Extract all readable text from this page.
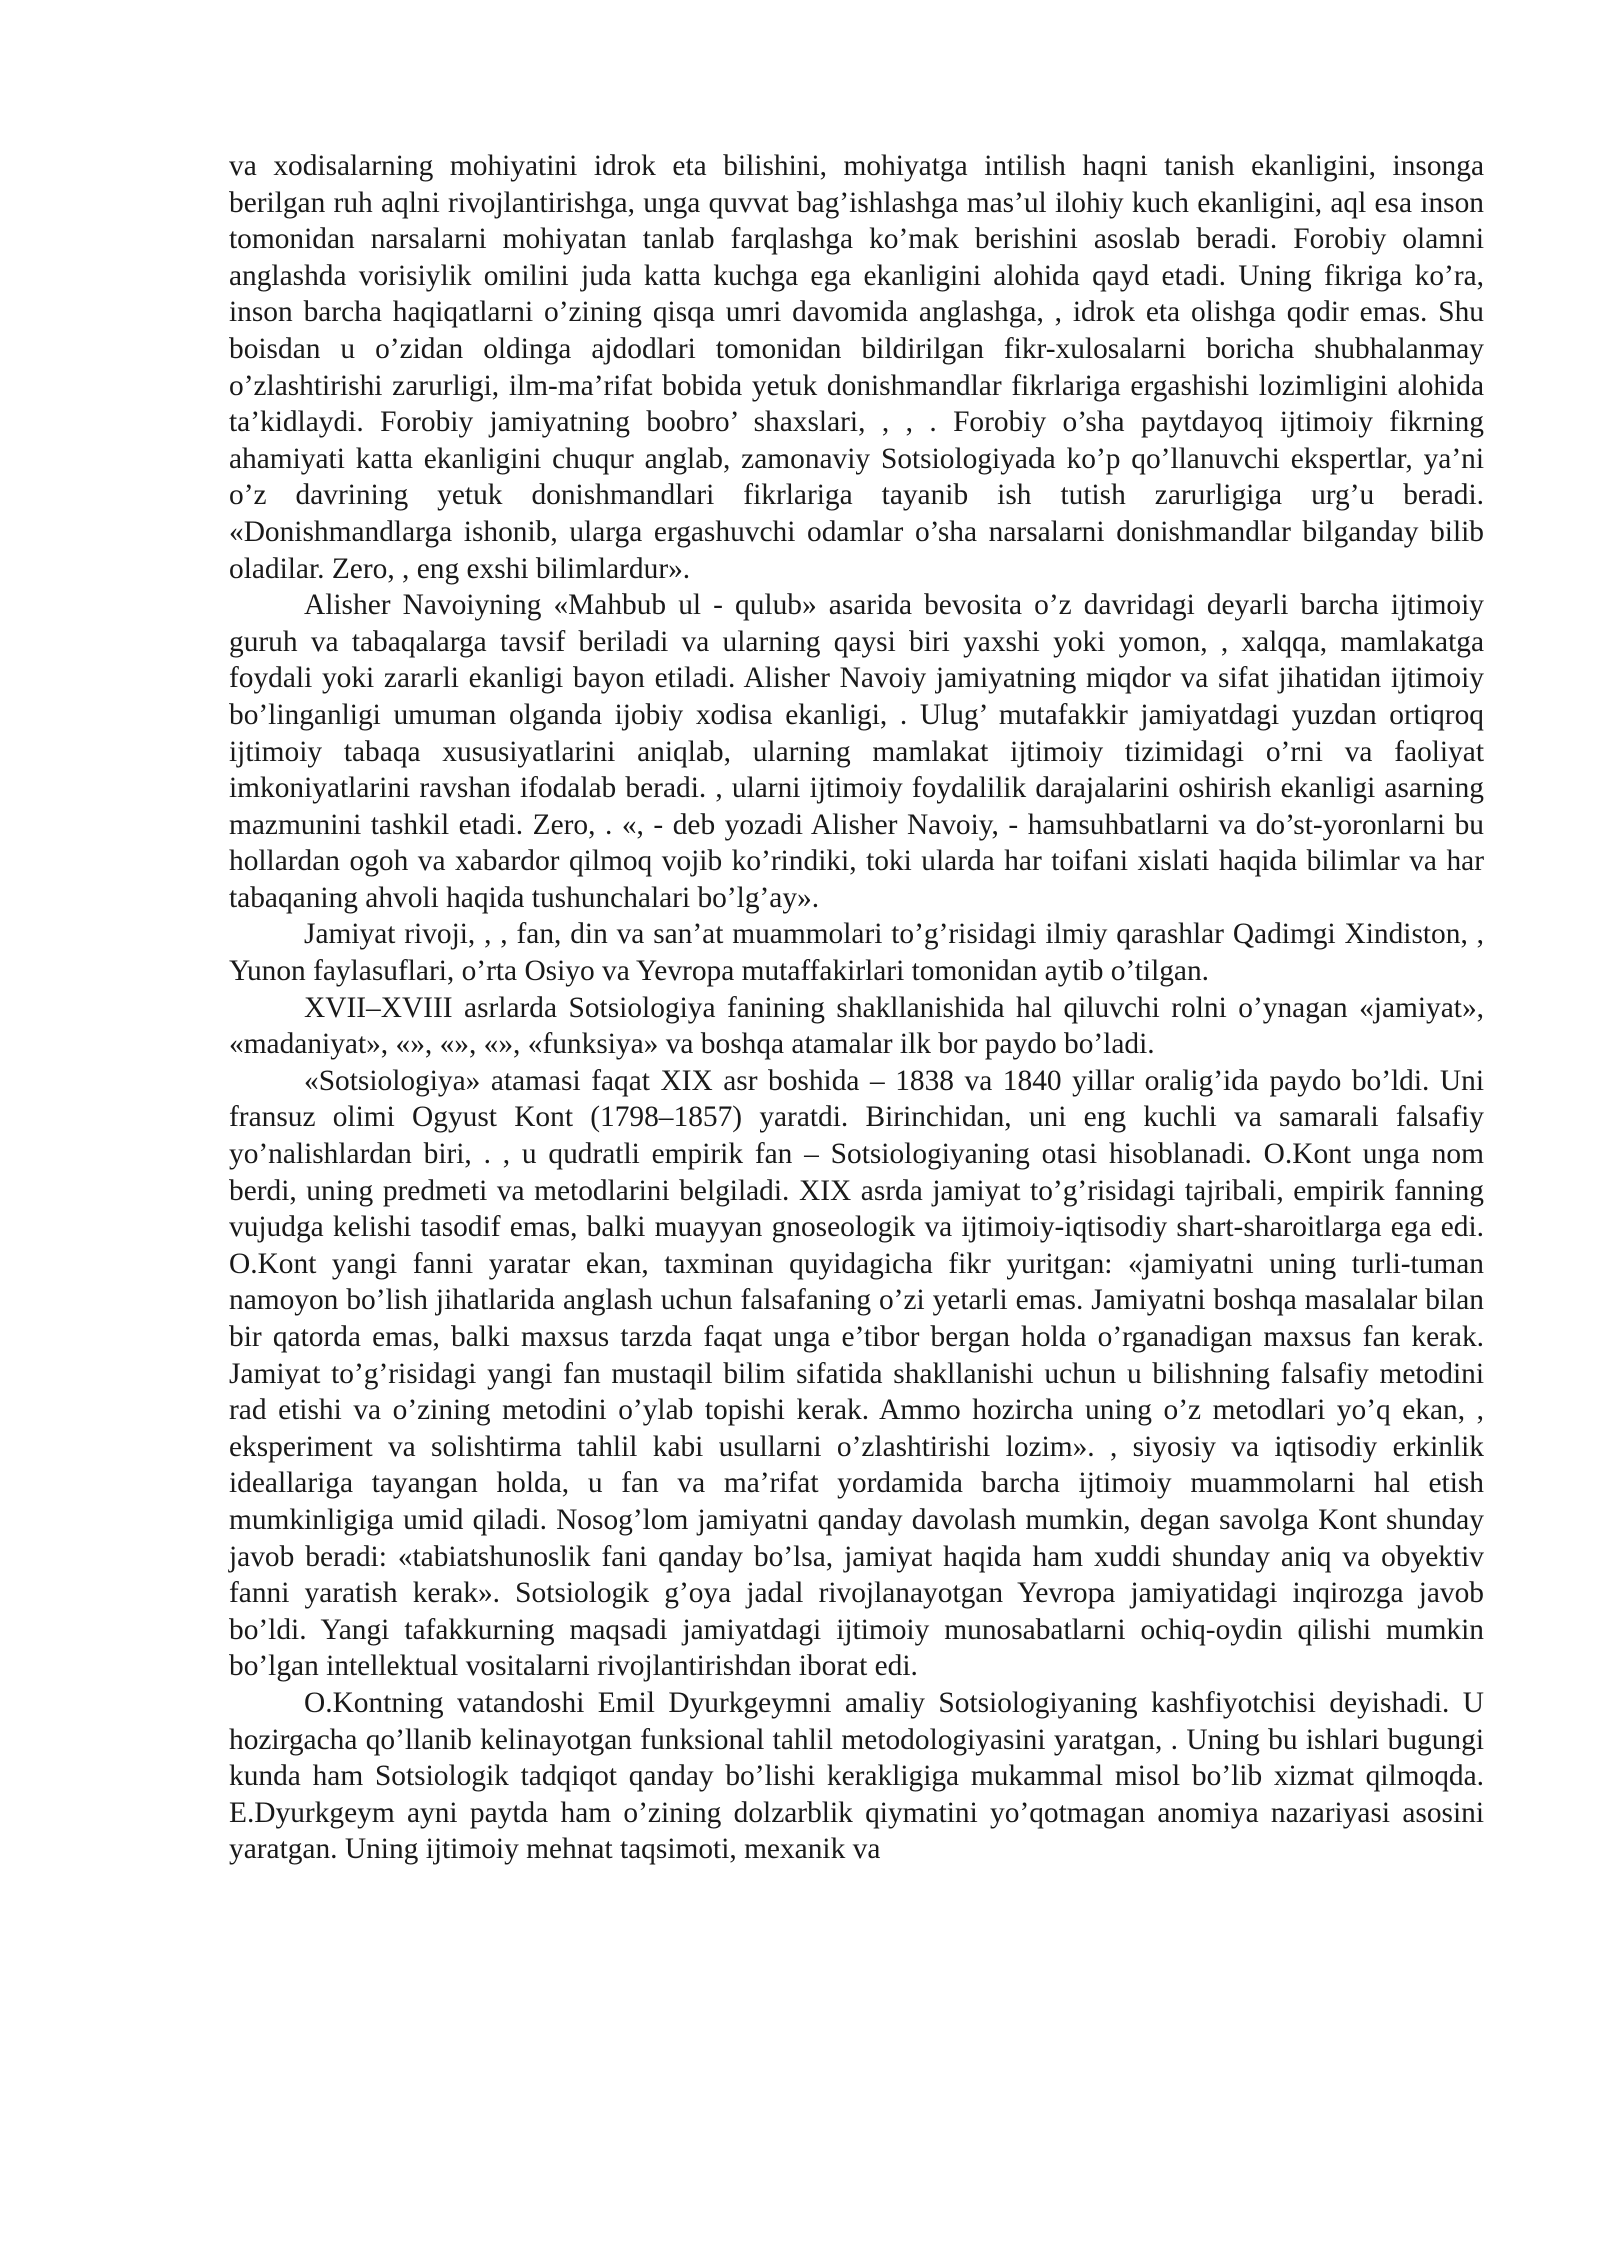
va xodisalarning mohiyatini idrok eta bilishini, mohiyatga intilish haqni tanish ekanligini, insonga berilgan ruh aqlni rivojlantirishga, unga quvvat bag’ishlashga mas’ul ilohiy kuch ekanligini, aql esa inson tomonidan narsalarni mohiyatan tanlab farqlashga ko’mak berishini asoslab beradi. Forobiy olamni anglashda vorisiylik omilini juda katta kuchga ega ekanligini alohida qayd etadi. Uning fikriga ko’ra, inson barcha haqiqatlarni o’zining qisqa umri davomida anglashga, , idrok eta olishga qodir emas. Shu boisdan u o’zidan oldinga ajdodlari tomonidan bildirilgan fikr-xulosalarni boricha shubhalanmay o’zlashtirishi zarurligi, ilm-ma’rifat bobida yetuk donishmandlar fikrlariga ergashishi lozimligini alohida ta’kidlaydi. Forobiy jamiyatning boobro’ shaxslari, , , . Forobiy o’sha paytdayoq ijtimoiy fikrning ahamiyati katta ekanligini chuqur anglab, zamonaviy Sotsiologiyada ko’p qo’llanuvchi ekspertlar, ya’ni o’z davrining yetuk donishmandlari fikrlariga tayanib ish tutish zarurligiga urg’u beradi. «Donishmandlarga ishonib, ularga ergashuvchi odamlar o’sha narsalarni donishmandlar bilganday bilib oladilar. Zero, , eng exshi bilimlardur».

Alisher Navoiyning «Mahbub ul - qulub» asarida bevosita o’z davridagi deyarli barcha ijtimoiy guruh va tabaqalarga tavsif beriladi va ularning qaysi biri yaxshi yoki yomon, , xalqqa, mamlakatga foydali yoki zararli ekanligi bayon etiladi. Alisher Navoiy jamiyatning miqdor va sifat jihatidan ijtimoiy bo’linganligi umuman olganda ijobiy xodisa ekanligi, . Ulug’ mutafakkir jamiyatdagi yuzdan ortiqroq ijtimoiy tabaqa xususiyatlarini aniqlab, ularning mamlakat ijtimoiy tizimidagi o’rni va faoliyat imkoniyatlarini ravshan ifodalab beradi. , ularni ijtimoiy foydalilik darajalarini oshirish ekanligi asarning mazmunini tashkil etadi. Zero, . «, - deb yozadi Alisher Navoiy, - hamsuhbatlarni va do’st-yoronlarni bu hollardan ogoh va xabardor qilmoq vojib ko’rindiki, toki ularda har toifani xislati haqida bilimlar va har tabaqaning ahvoli haqida tushunchalari bo’lg’ay».

Jamiyat rivoji, , , fan, din va san’at muammolari to’g’risidagi ilmiy qarashlar Qadimgi Xindiston, , Yunon faylasuflari, o’rta Osiyo va Yevropa mutaffakirlari tomonidan aytib o’tilgan.

XVII–XVIII asrlarda Sotsiologiya fanining shakllanishida hal qiluvchi rolni o’ynagan «jamiyat», «madaniyat», «», «», «», «funksiya» va boshqa atamalar ilk bor paydo bo’ladi.

«Sotsiologiya» atamasi faqat XIX asr boshida – 1838 va 1840 yillar oralig’ida paydo bo’ldi. Uni fransuz olimi Ogyust Kont (1798–1857) yaratdi. Birinchidan, uni eng kuchli va samarali falsafiy yo’nalishlardan biri, . , u qudratli empirik fan – Sotsiologiyaning otasi hisoblanadi. O.Kont unga nom berdi, uning predmeti va metodlarini belgiladi. XIX asrda jamiyat to’g’risidagi tajribali, empirik fanning vujudga kelishi tasodif emas, balki muayyan gnoseologik va ijtimoiy-iqtisodiy shart-sharoitlarga ega edi. O.Kont yangi fanni yaratar ekan, taxminan quyidagicha fikr yuritgan: «jamiyatni uning turli-tuman namoyon bo’lish jihatlarida anglash uchun falsafaning o’zi yetarli emas. Jamiyatni boshqa masalalar bilan bir qatorda emas, balki maxsus tarzda faqat unga e’tibor bergan holda o’rganadigan maxsus fan kerak. Jamiyat to’g’risidagi yangi fan mustaqil bilim sifatida shakllanishi uchun u bilishning falsafiy metodini rad etishi va o’zining metodini o’ylab topishi kerak. Ammo hozircha uning o’z metodlari yo’q ekan, , eksperiment va solishtirma tahlil kabi usullarni o’zlashtirishi lozim». , siyosiy va iqtisodiy erkinlik ideallariga tayangan holda, u fan va ma’rifat yordamida barcha ijtimoiy muammolarni hal etish mumkinligiga umid qiladi. Nosog’lom jamiyatni qanday davolash mumkin, degan savolga Kont shunday javob beradi: «tabiatshunoslik fani qanday bo’lsa, jamiyat haqida ham xuddi shunday aniq va obyektiv fanni yaratish kerak». Sotsiologik g’oya jadal rivojlanayotgan Yevropa jamiyatidagi inqirozga javob bo’ldi. Yangi tafakkurning maqsadi jamiyatdagi ijtimoiy munosabatlarni ochiq-oydin qilishi mumkin bo’lgan intellektual vositalarni rivojlantirishdan iborat edi.

O.Kontning vatandoshi Emil Dyurkgeymni amaliy Sotsiologiyaning kashfiyotchisi deyishadi. U hozirgacha qo’llanib kelinayotgan funksional tahlil metodologiyasini yaratgan, . Uning bu ishlari bugungi kunda ham Sotsiologik tadqiqot qanday bo’lishi kerakligiga mukammal misol bo’lib xizmat qilmoqda. E.Dyurkgeym ayni paytda ham o’zining dolzarblik qiymatini yo’qotmagan anomiya nazariyasi asosini yaratgan. Uning ijtimoiy mehnat taqsimoti, mexanik va
